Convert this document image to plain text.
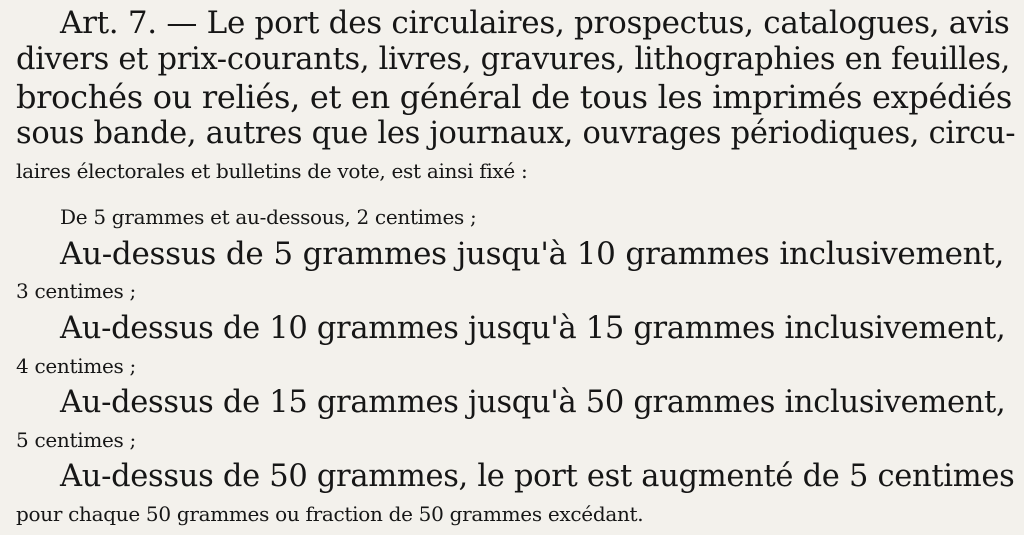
Art. 7. — Le port des circulaires, prospectus, catalogues, avis
divers et prix-courants, livres, gravures, lithographies en feuilles,
brochés ou reliés, et en général de tous les imprimés expédiés
sous bande, autres que les journaux, ouvrages périodiques, circu-
laires électorales et bulletins de vote, est ainsi fixé :
De 5 grammes et au-dessous, 2 centimes ;
Au-dessus de 5 grammes jusqu'à 10 grammes inclusivement,
3 centimes ;
Au-dessus de 10 grammes jusqu'à 15 grammes inclusivement,
4 centimes ;
Au-dessus de 15 grammes jusqu'à 50 grammes inclusivement,
5 centimes ;
Au-dessus de 50 grammes, le port est augmenté de 5 centimes
pour chaque 50 grammes ou fraction de 50 grammes excédant.
